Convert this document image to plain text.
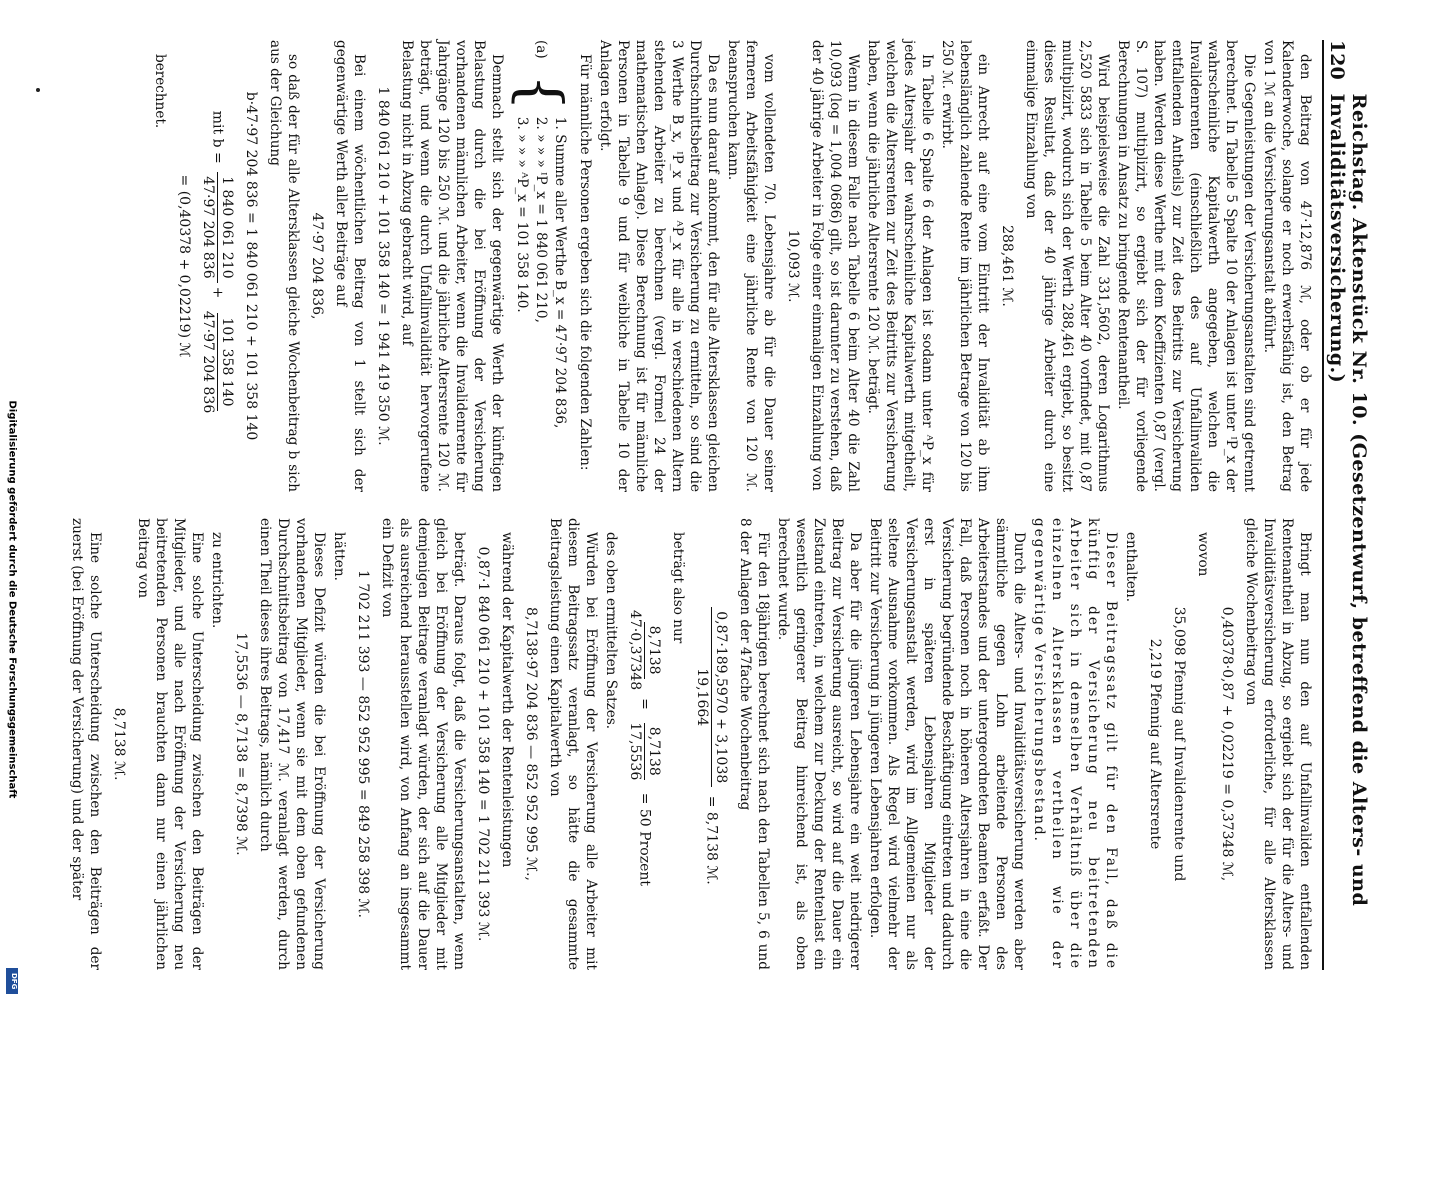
Digitalisierung gefördert durch die Deutsche Forschungsgemeinschaft
DFG
120
Reichstag. Aktenstück Nr. 10. (Gesetzentwurf, betreffend die Alters- und Invaliditätsversicherung.)

den Beitrag von 47·12,876 ℳ, oder ob er für jede Kalenderwoche, solange er noch erwerbsfähig ist, den Betrag von 1 ℳ an die Versicherungsanstalt abführt.

Die Gegenleistungen der Versicherungsanstalten sind getrennt berechnet. In Tabelle 5 Spalte 10 der Anlagen ist unter ᴵP_x der wahrscheinliche Kapitalwerth angegeben, welchen die Invalidenrenten (einschließlich des auf Unfallinvaliden entfallenden Antheils) zur Zeit des Beitritts zur Versicherung haben. Werden diese Werthe mit dem Koeffizienten 0,87 (vergl. S. 107) multiplizirt, so ergiebt sich der für vorliegende Berechnungen in Ansatz zu bringende Rentenantheil.

Wird beispielsweise die Zahl 331,5602, deren Logarithmus 2,520 5833 sich in Tabelle 5 beim Alter 40 vorfindet, mit 0,87 multiplizirt, wodurch sich der Werth 288,461 ergiebt, so besitzt dieses Resultat, daß der 40 jährige Arbeiter durch eine einmalige Einzahlung von

288,461 ℳ.

ein Anrecht auf eine vom Eintritt der Invalidität ab ihm lebenslänglich zahlende Rente im jährlichen Betrage von 120 bis 250 ℳ. erwirbt.

In Tabelle 6 Spalte 6 der Anlagen ist sodann unter ᴬP_x für jedes Altersjahr der wahrscheinliche Kapitalwerth mitgetheilt, welchen die Altersrenten zur Zeit des Beitritts zur Versicherung haben, wenn die jährliche Altersrente 120 ℳ. beträgt.

Wenn in diesem Falle nach Tabelle 6 beim Alter 40 die Zahl 10,093 (log = 1,004 0686) gilt, so ist darunter zu verstehen, daß der 40 jährige Arbeiter in Folge einer einmaligen Einzahlung von

10,093 ℳ.

vom vollendeten 70. Lebensjahre ab für die Dauer seiner ferneren Arbeitsfähigkeit eine jährliche Rente von 120 ℳ. beanspruchen kann.

Da es nun darauf ankommt, den für alle Altersklassen gleichen Durchschnittsbeitrag zur Versicherung zu ermitteln, so sind die 3 Werthe B_x, ᴵP_x und ᴬP_x für alle in verschiedenen Altern stehenden Arbeiter zu berechnen (vergl. Formel 24 der mathematischen Anlage). Diese Berechnung ist für männliche Personen in Tabelle 9 und für weibliche in Tabelle 10 der Anlagen erfolgt.

Für männliche Personen ergeben sich die folgenden Zahlen:

(a)
{
1. Summe aller Werthe B_x = 47·97 204 836,
2. » » » ᴵP_x = 1 840 061 210,
3. » » » ᴬP_x = 101 358 140.

Demnach stellt sich der gegenwärtige Werth der künftigen Belastung durch die bei Eröffnung der Versicherung vorhandenen männlichen Arbeiter, wenn die Invalidenrente für Jahrgänge 120 bis 250 ℳ. und die jährliche Altersrente 120 ℳ. beträgt, und wenn die durch Unfallinvalidität hervorgerufene Belastung nicht in Abzug gebracht wird, auf

1 840 061 210 + 101 358 140 = 1 941 419 350 ℳ.

Bei einem wöchentlichen Beitrag von 1 stellt sich der gegenwärtige Werth aller Beiträge auf

47·97 204 836,

so daß der für alle Altersklassen gleiche Wochenbeitrag b sich aus der Gleichung

b·47·97 204 836 = 1 840 061 210 + 101 358 140
mit b =
1 840 061 210
47·97 204 836
+
101 358 140
47·97 204 836
= (0,40378 + 0,02219) ℳ

berechnet.

Bringt man nun den auf Unfallinvaliden entfallenden Rentenantheil in Abzug, so ergiebt sich der für die Alters- und Invaliditätsversicherung erforderliche, für alle Altersklassen gleiche Wochenbeitrag von

0,40378·0,87 + 0,02219 = 0,37348 ℳ,

wovon

35,098 Pfennig auf Invalidenrente und
2,219 Pfennig auf Altersrente

enthalten.

Dieser Beitragssatz gilt für den Fall, daß die künftig der Versicherung neu beitretenden Arbeiter sich in demselben Verhältniß über die einzelnen Altersklassen vertheilen wie der gegenwärtige Versicherungsbestand.

Durch die Alters- und Invaliditätsversicherung werden aber sämmtliche gegen Lohn arbeitende Personen des Arbeiterstandes und der untergeordneten Beamten erfaßt. Der Fall, daß Personen noch in höheren Altersjahren in eine die Versicherung begründende Beschäftigung eintreten und dadurch erst in späteren Lebensjahren Mitglieder der Versicherungsanstalt werden, wird im Allgemeinen nur als seltene Ausnahme vorkommen. Als Regel wird vielmehr der Beitritt zur Versicherung in jüngeren Lebensjahren erfolgen.

Da aber für die jüngeren Lebensjahre ein weit niedrigerer Beitrag zur Versicherung ausreicht, so wird auf die Dauer ein Zustand eintreten, in welchem zur Deckung der Rentenlast ein wesentlich geringerer Beitrag hinreichend ist, als oben berechnet wurde.

Für den 18jährigen berechnet sich nach den Tabellen 5, 6 und 8 der Anlagen der 47fache Wochenbeitrag

0,87·189,5970 + 3,1038
19,1664
= 8,7138 ℳ.

beträgt also nur

8,7138
47·0,37348
=
8,7138
17,5536
= 50 Prozent

des oben ermittelten Satzes.

Würden bei Eröffnung der Versicherung alle Arbeiter mit diesem Beitragssatz veranlagt, so hätte die gesammte Beitragsleistung einen Kapitalwerth von

8,7138·97 204 836 — 852 952 995 ℳ.,

während der Kapitalwerth der Rentenleistungen

0,87·1 840 061 210 + 101 358 140 = 1 702 211 393 ℳ.

beträgt. Daraus folgt, daß die Versicherungsanstalten, wenn gleich bei Eröffnung der Versicherung alle Mitglieder mit demjenigen Beitrage veranlagt würden, der sich auf die Dauer als ausreichend herausstellen wird, von Anfang an insgesammt ein Defizit von

1 702 211 393 — 852 952 995 = 849 258 398 ℳ.

hätten.

Dieses Defizit würden die bei Eröffnung der Versicherung vorhandenen Mitglieder, wenn sie mit dem oben gefundenen Durchschnittsbeitrag von 17,417 ℳ. veranlagt werden, durch einen Theil dieses ihres Beitrags, nämlich durch

17,5536 — 8,7138 = 8,7398 ℳ.

zu entrichten.

Eine solche Unterscheidung zwischen den Beiträgen der Mitglieder, und alle nach Eröffnung der Versicherung neu beitretenden Personen brauchten dann nur einen jährlichen Beitrag von

8,7138 ℳ.

Eine solche Unterscheidung zwischen den Beiträgen der zuerst (bei Eröffnung der Versicherung) und der später
